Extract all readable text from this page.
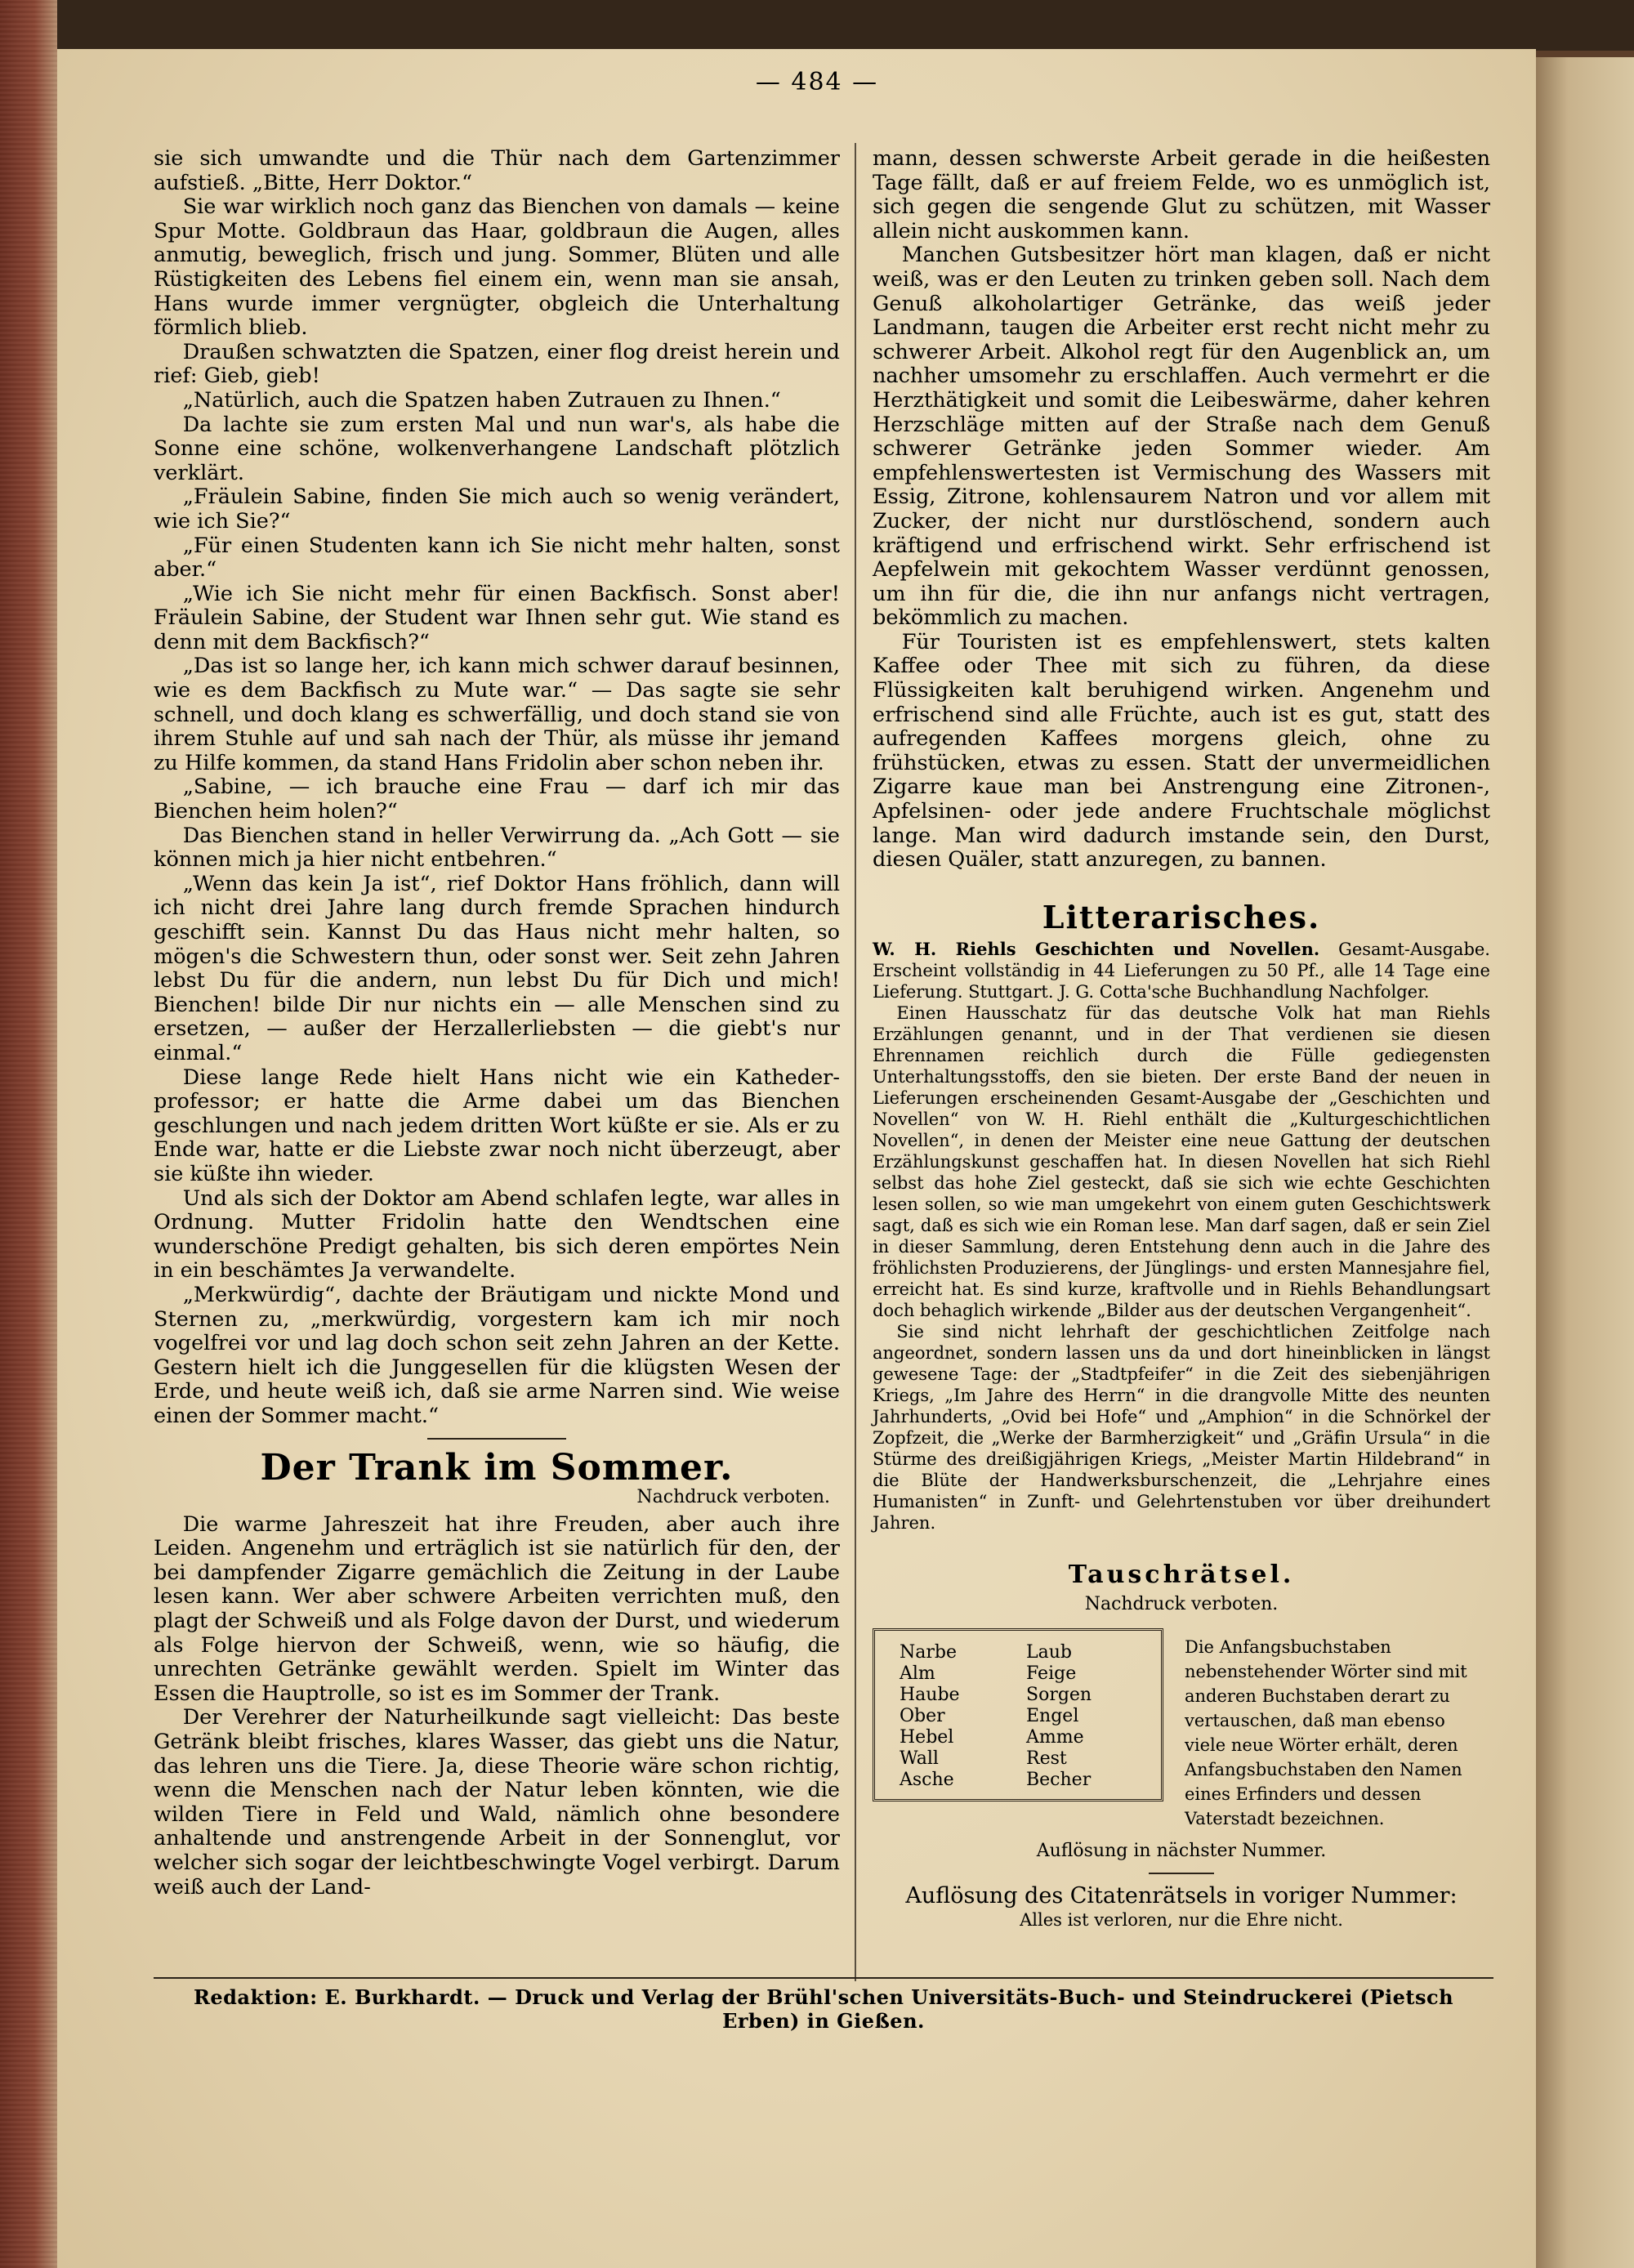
— 484 —

sie sich umwandte und die Thür nach dem Gartenzimmer aufstieß. „Bitte, Herr Doktor.“

Sie war wirklich noch ganz das Bienchen von damals — keine Spur Motte. Goldbraun das Haar, goldbraun die Augen, alles anmutig, beweglich, frisch und jung. Sommer, Blüten und alle Rüstigkeiten des Lebens fiel einem ein, wenn man sie ansah, Hans wurde immer vergnügter, obgleich die Unterhaltung förmlich blieb.

Draußen schwatzten die Spatzen, einer flog dreist herein und rief: Gieb, gieb!

„Natürlich, auch die Spatzen haben Zutrauen zu Ihnen.“

Da lachte sie zum ersten Mal und nun war's, als habe die Sonne eine schöne, wolkenverhangene Landschaft plötzlich verklärt.

„Fräulein Sabine, finden Sie mich auch so wenig verändert, wie ich Sie?“

„Für einen Studenten kann ich Sie nicht mehr halten, sonst aber.“

„Wie ich Sie nicht mehr für einen Backfisch. Sonst aber! Fräulein Sabine, der Student war Ihnen sehr gut. Wie stand es denn mit dem Backfisch?“

„Das ist so lange her, ich kann mich schwer darauf besinnen, wie es dem Backfisch zu Mute war.“ — Das sagte sie sehr schnell, und doch klang es schwerfällig, und doch stand sie von ihrem Stuhle auf und sah nach der Thür, als müsse ihr jemand zu Hilfe kommen, da stand Hans Fridolin aber schon neben ihr.

„Sabine, — ich brauche eine Frau — darf ich mir das Bienchen heim holen?“

Das Bienchen stand in heller Verwirrung da. „Ach Gott — sie können mich ja hier nicht entbehren.“

„Wenn das kein Ja ist“, rief Doktor Hans fröhlich, dann will ich nicht drei Jahre lang durch fremde Sprachen hindurch geschifft sein. Kannst Du das Haus nicht mehr halten, so mögen's die Schwestern thun, oder sonst wer. Seit zehn Jahren lebst Du für die andern, nun lebst Du für Dich und mich! Bienchen! bilde Dir nur nichts ein — alle Menschen sind zu ersetzen, — außer der Herzallerliebsten — die giebt's nur einmal.“

Diese lange Rede hielt Hans nicht wie ein Katheder-professor; er hatte die Arme dabei um das Bienchen geschlungen und nach jedem dritten Wort küßte er sie. Als er zu Ende war, hatte er die Liebste zwar noch nicht überzeugt, aber sie küßte ihn wieder.

Und als sich der Doktor am Abend schlafen legte, war alles in Ordnung. Mutter Fridolin hatte den Wendtschen eine wunderschöne Predigt gehalten, bis sich deren empörtes Nein in ein beschämtes Ja verwandelte.

„Merkwürdig“, dachte der Bräutigam und nickte Mond und Sternen zu, „merkwürdig, vorgestern kam ich mir noch vogelfrei vor und lag doch schon seit zehn Jahren an der Kette. Gestern hielt ich die Junggesellen für die klügsten Wesen der Erde, und heute weiß ich, daß sie arme Narren sind. Wie weise einen der Sommer macht.“

Der Trank im Sommer.
Nachdruck verboten.

Die warme Jahreszeit hat ihre Freuden, aber auch ihre Leiden. Angenehm und erträglich ist sie natürlich für den, der bei dampfender Zigarre gemächlich die Zeitung in der Laube lesen kann. Wer aber schwere Arbeiten verrichten muß, den plagt der Schweiß und als Folge davon der Durst, und wiederum als Folge hiervon der Schweiß, wenn, wie so häufig, die unrechten Getränke gewählt werden. Spielt im Winter das Essen die Hauptrolle, so ist es im Sommer der Trank.

Der Verehrer der Naturheilkunde sagt vielleicht: Das beste Getränk bleibt frisches, klares Wasser, das giebt uns die Natur, das lehren uns die Tiere. Ja, diese Theorie wäre schon richtig, wenn die Menschen nach der Natur leben könnten, wie die wilden Tiere in Feld und Wald, nämlich ohne besondere anhaltende und anstrengende Arbeit in der Sonnenglut, vor welcher sich sogar der leichtbeschwingte Vogel verbirgt. Darum weiß auch der Land-

mann, dessen schwerste Arbeit gerade in die heißesten Tage fällt, daß er auf freiem Felde, wo es unmöglich ist, sich gegen die sengende Glut zu schützen, mit Wasser allein nicht auskommen kann.

Manchen Gutsbesitzer hört man klagen, daß er nicht weiß, was er den Leuten zu trinken geben soll. Nach dem Genuß alkoholartiger Getränke, das weiß jeder Landmann, taugen die Arbeiter erst recht nicht mehr zu schwerer Arbeit. Alkohol regt für den Augenblick an, um nachher umsomehr zu erschlaffen. Auch vermehrt er die Herzthätigkeit und somit die Leibeswärme, daher kehren Herzschläge mitten auf der Straße nach dem Genuß schwerer Getränke jeden Sommer wieder. Am empfehlenswertesten ist Vermischung des Wassers mit Essig, Zitrone, kohlensaurem Natron und vor allem mit Zucker, der nicht nur durstlöschend, sondern auch kräftigend und erfrischend wirkt. Sehr erfrischend ist Aepfelwein mit gekochtem Wasser verdünnt genossen, um ihn für die, die ihn nur anfangs nicht vertragen, bekömmlich zu machen.

Für Touristen ist es empfehlenswert, stets kalten Kaffee oder Thee mit sich zu führen, da diese Flüssigkeiten kalt beruhigend wirken. Angenehm und erfrischend sind alle Früchte, auch ist es gut, statt des aufregenden Kaffees morgens gleich, ohne zu frühstücken, etwas zu essen. Statt der unvermeidlichen Zigarre kaue man bei Anstrengung eine Zitronen-, Apfelsinen- oder jede andere Fruchtschale möglichst lange. Man wird dadurch imstande sein, den Durst, diesen Quäler, statt anzuregen, zu bannen.

Litterarisches.

W. H. Riehls Geschichten und Novellen. Gesamt-Ausgabe. Erscheint vollständig in 44 Lieferungen zu 50 Pf., alle 14 Tage eine Lieferung. Stuttgart. J. G. Cotta'sche Buchhandlung Nachfolger.

Einen Hausschatz für das deutsche Volk hat man Riehls Erzählungen genannt, und in der That verdienen sie diesen Ehrennamen reichlich durch die Fülle gediegensten Unterhaltungsstoffs, den sie bieten. Der erste Band der neuen in Lieferungen erscheinenden Gesamt-Ausgabe der „Geschichten und Novellen“ von W. H. Riehl enthält die „Kulturgeschichtlichen Novellen“, in denen der Meister eine neue Gattung der deutschen Erzählungskunst geschaffen hat. In diesen Novellen hat sich Riehl selbst das hohe Ziel gesteckt, daß sie sich wie echte Geschichten lesen sollen, so wie man umgekehrt von einem guten Geschichtswerk sagt, daß es sich wie ein Roman lese. Man darf sagen, daß er sein Ziel in dieser Sammlung, deren Entstehung denn auch in die Jahre des fröhlichsten Produzierens, der Jünglings- und ersten Mannesjahre fiel, erreicht hat. Es sind kurze, kraftvolle und in Riehls Behandlungsart doch behaglich wirkende „Bilder aus der deutschen Vergangenheit“.

Sie sind nicht lehrhaft der geschichtlichen Zeitfolge nach angeordnet, sondern lassen uns da und dort hineinblicken in längst gewesene Tage: der „Stadtpfeifer“ in die Zeit des siebenjährigen Kriegs, „Im Jahre des Herrn“ in die drangvolle Mitte des neunten Jahrhunderts, „Ovid bei Hofe“ und „Amphion“ in die Schnörkel der Zopfzeit, die „Werke der Barmherzigkeit“ und „Gräfin Ursula“ in die Stürme des dreißigjährigen Kriegs, „Meister Martin Hildebrand“ in die Blüte der Handwerksburschenzeit, die „Lehrjahre eines Humanisten“ in Zunft- und Gelehrtenstuben vor über dreihundert Jahren.

Tauschrätsel.
Nachdruck verboten.
Narbe	Laub
Alm	Feige
Haube	Sorgen
Ober	Engel
Hebel	Amme
Wall	Rest
Asche	Becher
Die Anfangsbuchstaben nebenstehender Wörter sind mit anderen Buchstaben derart zu vertauschen, daß man ebenso viele neue Wörter erhält, deren Anfangsbuchstaben den Namen eines Erfinders und dessen Vaterstadt bezeichnen.
Auflösung in nächster Nummer.
Auflösung des Citatenrätsels in voriger Nummer:
Alles ist verloren, nur die Ehre nicht.
Redaktion: E. Burkhardt. — Druck und Verlag der Brühl'schen Universitäts-Buch- und Steindruckerei (Pietsch Erben) in Gießen.
